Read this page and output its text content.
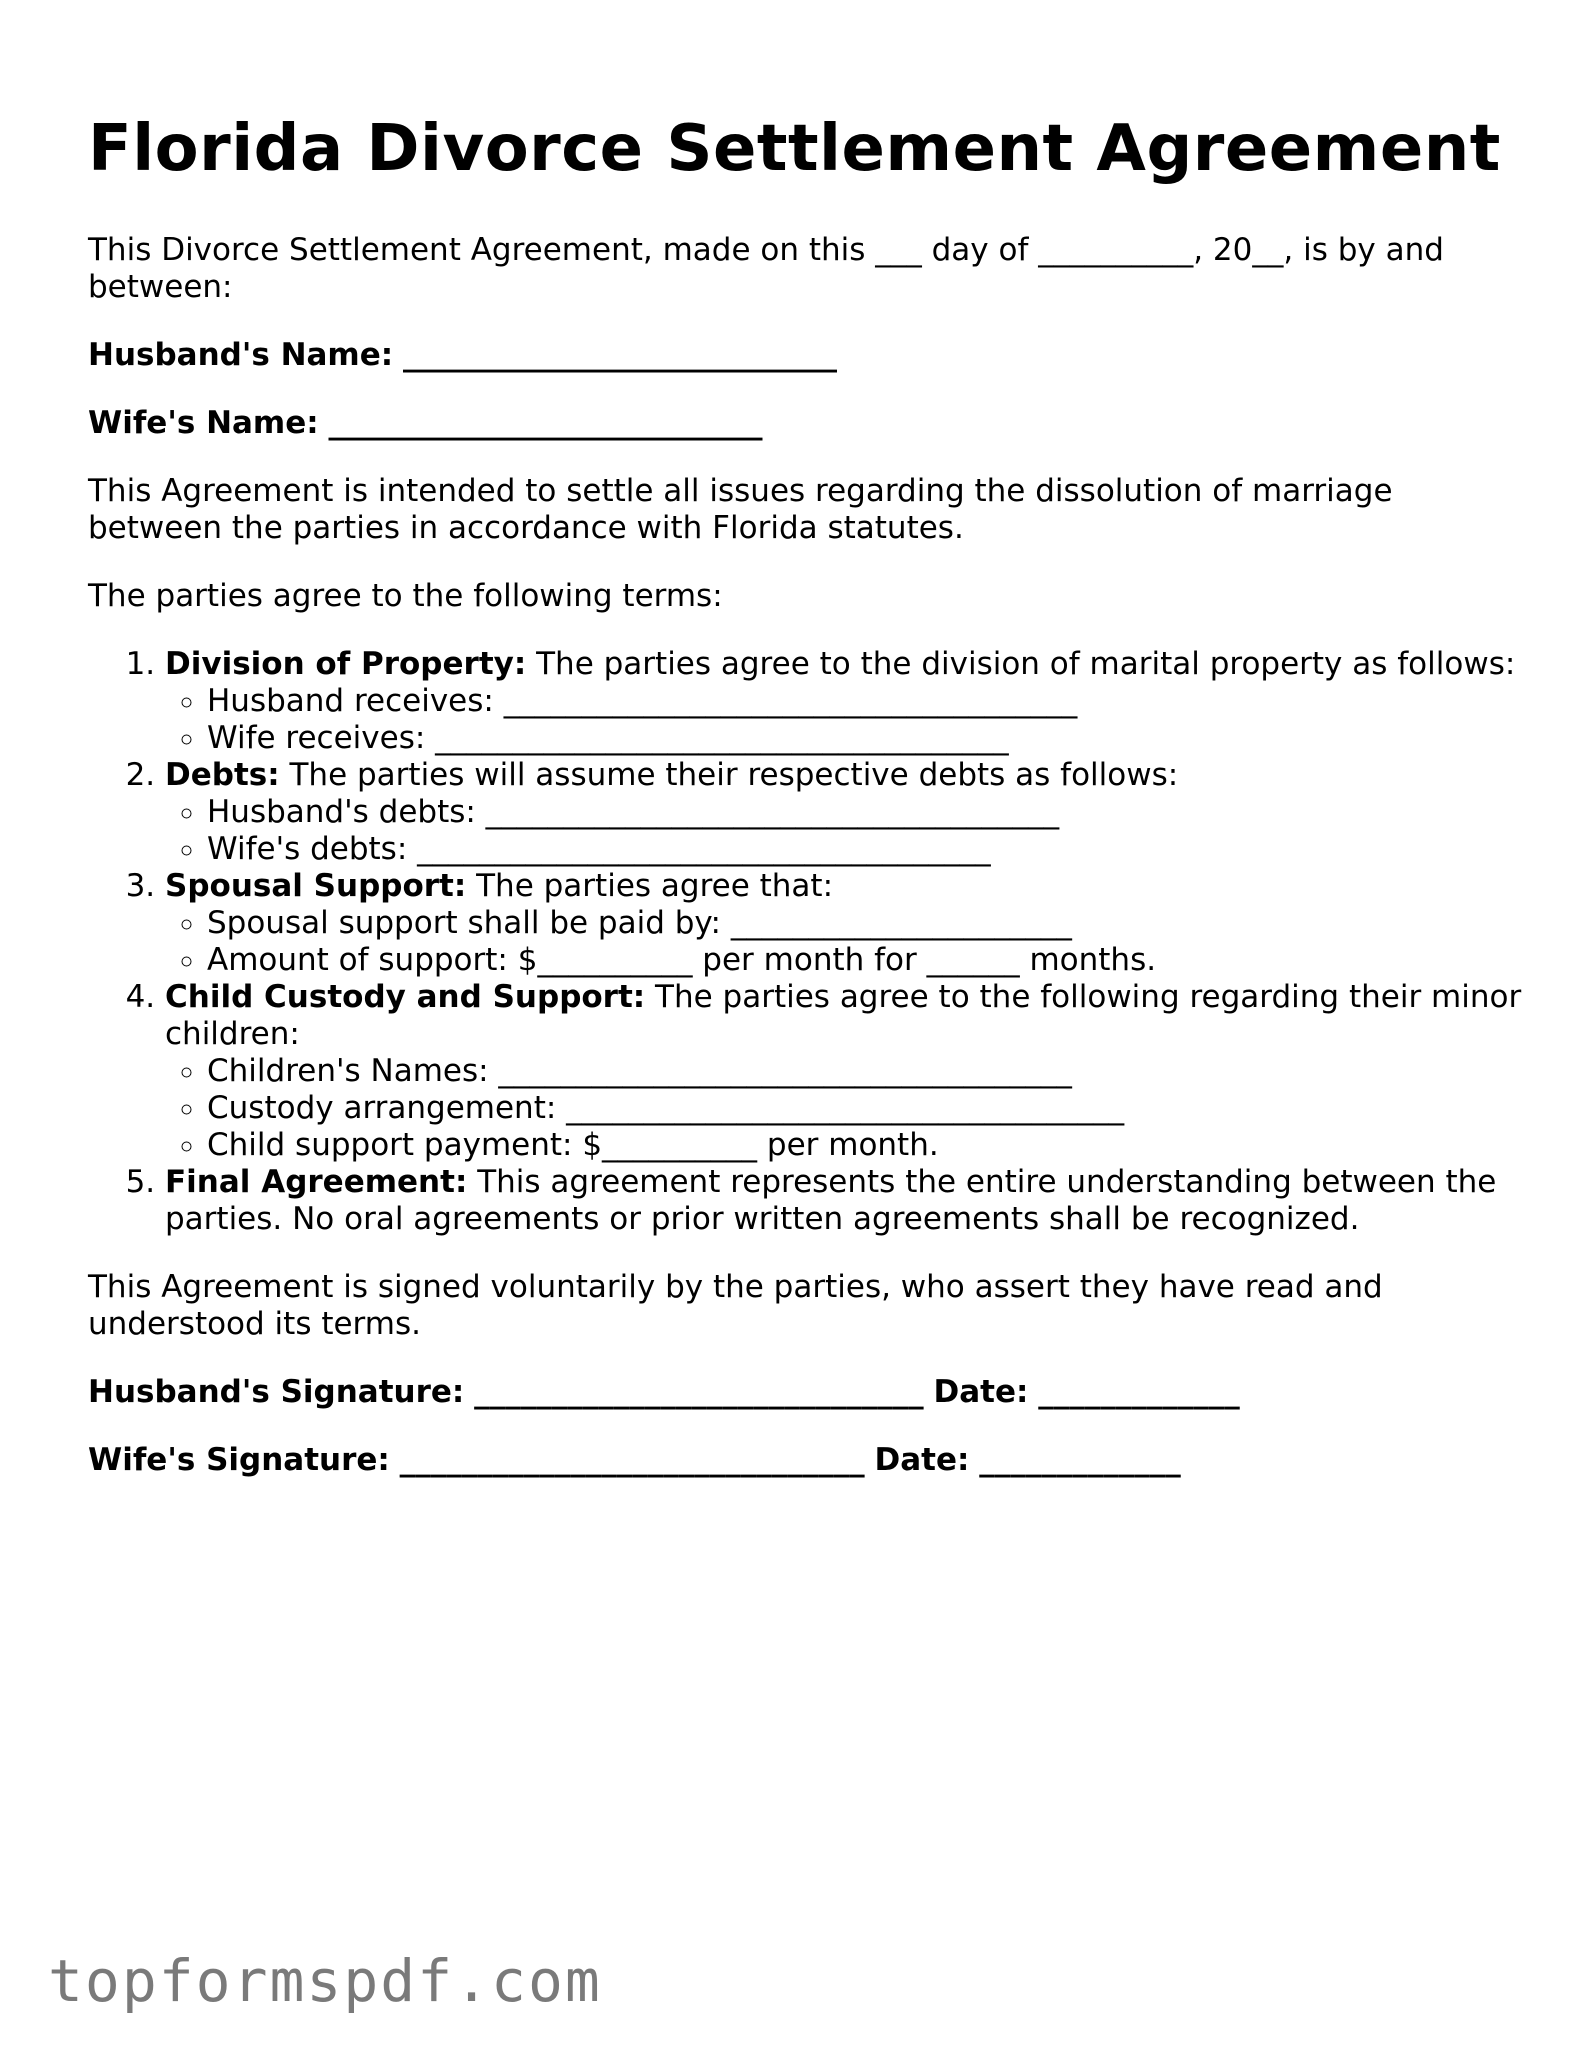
Florida Divorce Settlement Agreement

This Divorce Settlement Agreement, made on this ___ day of __________, 20__, is by and between:

Husband's Name: ____________________________
Wife's Name: ____________________________

This Agreement is intended to settle all issues regarding the dissolution of marriage between the parties in accordance with Florida statutes.

The parties agree to the following terms:

1. Division of Property: The parties agree to the division of marital property as follows:
◦ Husband receives: _____________________________________
◦ Wife receives: _____________________________________
2. Debts: The parties will assume their respective debts as follows:
◦ Husband's debts: _____________________________________
◦ Wife's debts: _____________________________________
3. Spousal Support: The parties agree that:
◦ Spousal support shall be paid by: ______________________
◦ Amount of support: $__________ per month for ______ months.
4. Child Custody and Support: The parties agree to the following regarding their minor children:
◦ Children's Names: _____________________________________
◦ Custody arrangement: ____________________________________
◦ Child support payment: $__________ per month.
5. Final Agreement: This agreement represents the entire understanding between the parties. No oral agreements or prior written agreements shall be recognized.

This Agreement is signed voluntarily by the parties, who assert they have read and understood its terms.

Husband's Signature: _____________________________ Date: _____________
Wife's Signature: ______________________________ Date: _____________
topformspdf.com
